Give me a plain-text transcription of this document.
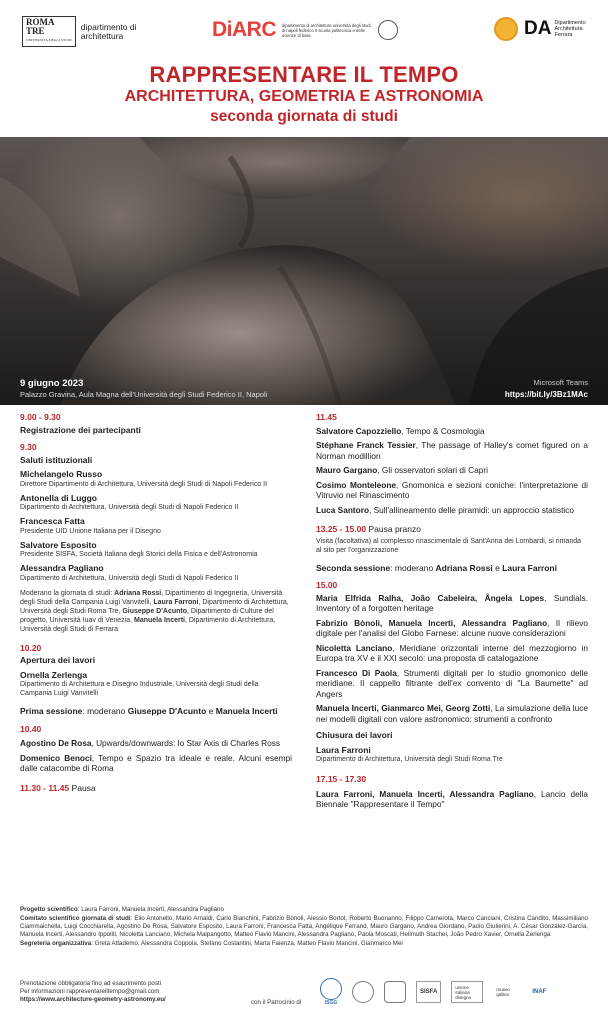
ROMA
TRE
UNIVERSITÀ DEGLI STUDI
dipartimento di architettura	DiARC dipartimento di architettura università degli studi di napoli federico II scuola politecnica e delle scienze di base	DA Dipartimento Architettura Ferrara
RAPPRESENTARE IL TEMPO
ARCHITETTURA, GEOMETRIA E ASTRONOMIA
seconda giornata di studi
9 giugno 2023
Palazzo Gravina, Aula Magna dell'Università degli Studi Federico II, Napoli
Microsoft Teams
https://bit.ly/3Bz1MAc
9.00 - 9.30
Registrazione dei partecipanti
9.30
Saluti istituzionali
Michelangelo Russo
Direttore Dipartimento di Architettura, Università degli Studi di Napoli Federico II
Antonella di Luggo
Dipartimento di Architettura, Università degli Studi di Napoli Federico II
Francesca Fatta
Presidente UID Unione Italiana per il Disegno
Salvatore Esposito
Presidente SISFA, Società Italiana degli Storici della Fisica e dell'Astronomia
Alessandra Pagliano
Dipartimento di Architettura, Università degli Studi di Napoli Federico II
Moderano la giornata di studi: Adriana Rossi, Dipartimento di Ingegneria, Università degli Studi della Campania Luigi Vanvitelli, Laura Farroni, Dipartimento di Architettura, Università degli Studi Roma Tre, Giuseppe D'Acunto, Dipartimento di Culture del progetto, Università Iuav di Venezia, Manuela Incerti, Dipartimento di Architettura, Università degli Studi di Ferrara
10.20
Apertura dei lavori
Ornella Zerlenga
Dipartimento di Architettura e Disegno Industriale, Università degli Studi della Campania Luigi Vanvitelli
Prima sessione: moderano Giuseppe D'Acunto e Manuela Incerti
10.40
Agostino De Rosa, Upwards/downwards: lo Star Axis di Charles Ross
Domenico Benoci, Tempo e Spazio tra ideale e reale. Alcuni esempi dalle catacombe di Roma
11.30 - 11.45 Pausa
11.45
Salvatore Capozziello, Tempo & Cosmologia
Stéphane Franck Tessier, The passage of Halley's comet figured on a Norman modillion
Mauro Gargano, Gli osservatori solari di Capri
Cosimo Monteleone, Gnomonica e sezioni coniche: l'interpretazione di Vitruvio nel Rinascimento
Luca Santoro, Sull'allineamento delle piramidi: un approccio statistico
13.25 - 15.00 Pausa pranzo
Visita (facoltativa) al complesso rinascimentale di Sant'Anna dei Lombardi, si rimanda al sito per l'organizzazione
Seconda sessione: moderano Adriana Rossi e Laura Farroni
15.00
Maria Elfrida Ralha, João Cabeleira, Ângela Lopes, Sundials. Inventory of a forgotten heritage
Fabrizio Bònoli, Manuela Incerti, Alessandra Pagliano, Il rilievo digitale per l'analisi del Globo Farnese: alcune nuove considerazioni
Nicoletta Lanciano, Meridiane orizzontali interne del mezzogiorno in Europa tra XV e il XXI secolo: una proposta di catalogazione
Francesco Di Paola, Strumenti digitali per lo studio gnomonico delle meridiane. Il cappello filtrante dell'ex convento di "La Baumette" ad Angers
Manuela Incerti, Gianmarco Mei, Georg Zotti, La simulazione della luce nei modelli digitali con valore astronomico: strumenti a confronto
Chiusura dei lavori
Laura Farroni
Dipartimento di Architettura, Università degli Studi Roma Tre
17.15 - 17.30
Laura Farroni, Manuela Incerti, Alessandra Pagliano, Lancio della Biennale "Rappresentare il Tempo"

Progetto scientifico: Laura Farroni, Manuela Incerti, Alessandra Pagliano

Comitato scientifico giornata di studi: Elio Antonello, Mario Arnaldi, Carlo Bianchini, Fabrizio Bònoli, Alessio Bortot, Roberto Buonanno, Filippo Camerota, Marco Canciani, Cristina Candito, Massimiliano Ciammaichella, Luigi Cocchiarella, Agostino De Rosa, Salvatore Esposito, Laura Farroni, Francesca Fatta, Angélique Ferrand, Mauro Gargano, Andrea Giordano, Paolo Giulierini, A. César González-García, Manuela Incerti, Alessandro Ippoliti, Nicoletta Lanciano, Michela Malpangotto, Matteo Flavio Mancini, Alessandra Pagliano, Paola Moscati, Hellmuth Stachel, João Pedro Xavier, Ornella Zerlenga

Segreteria organizzativa: Greta Attademo, Alessandra Coppola, Stefano Costantini, Marta Faienza, Matteo Flavio Mancini, Gianmarco Mei

Prenotazione obbligatoria fino ad esaurimento posti
Per informazioni rappresentareiltempo@gmail.com
https://www.architecture-geometry-astronomy.eu/	con il Patrocinio di	ISGG
SISFA
unione italiana disegno
museo galileo	INAF
